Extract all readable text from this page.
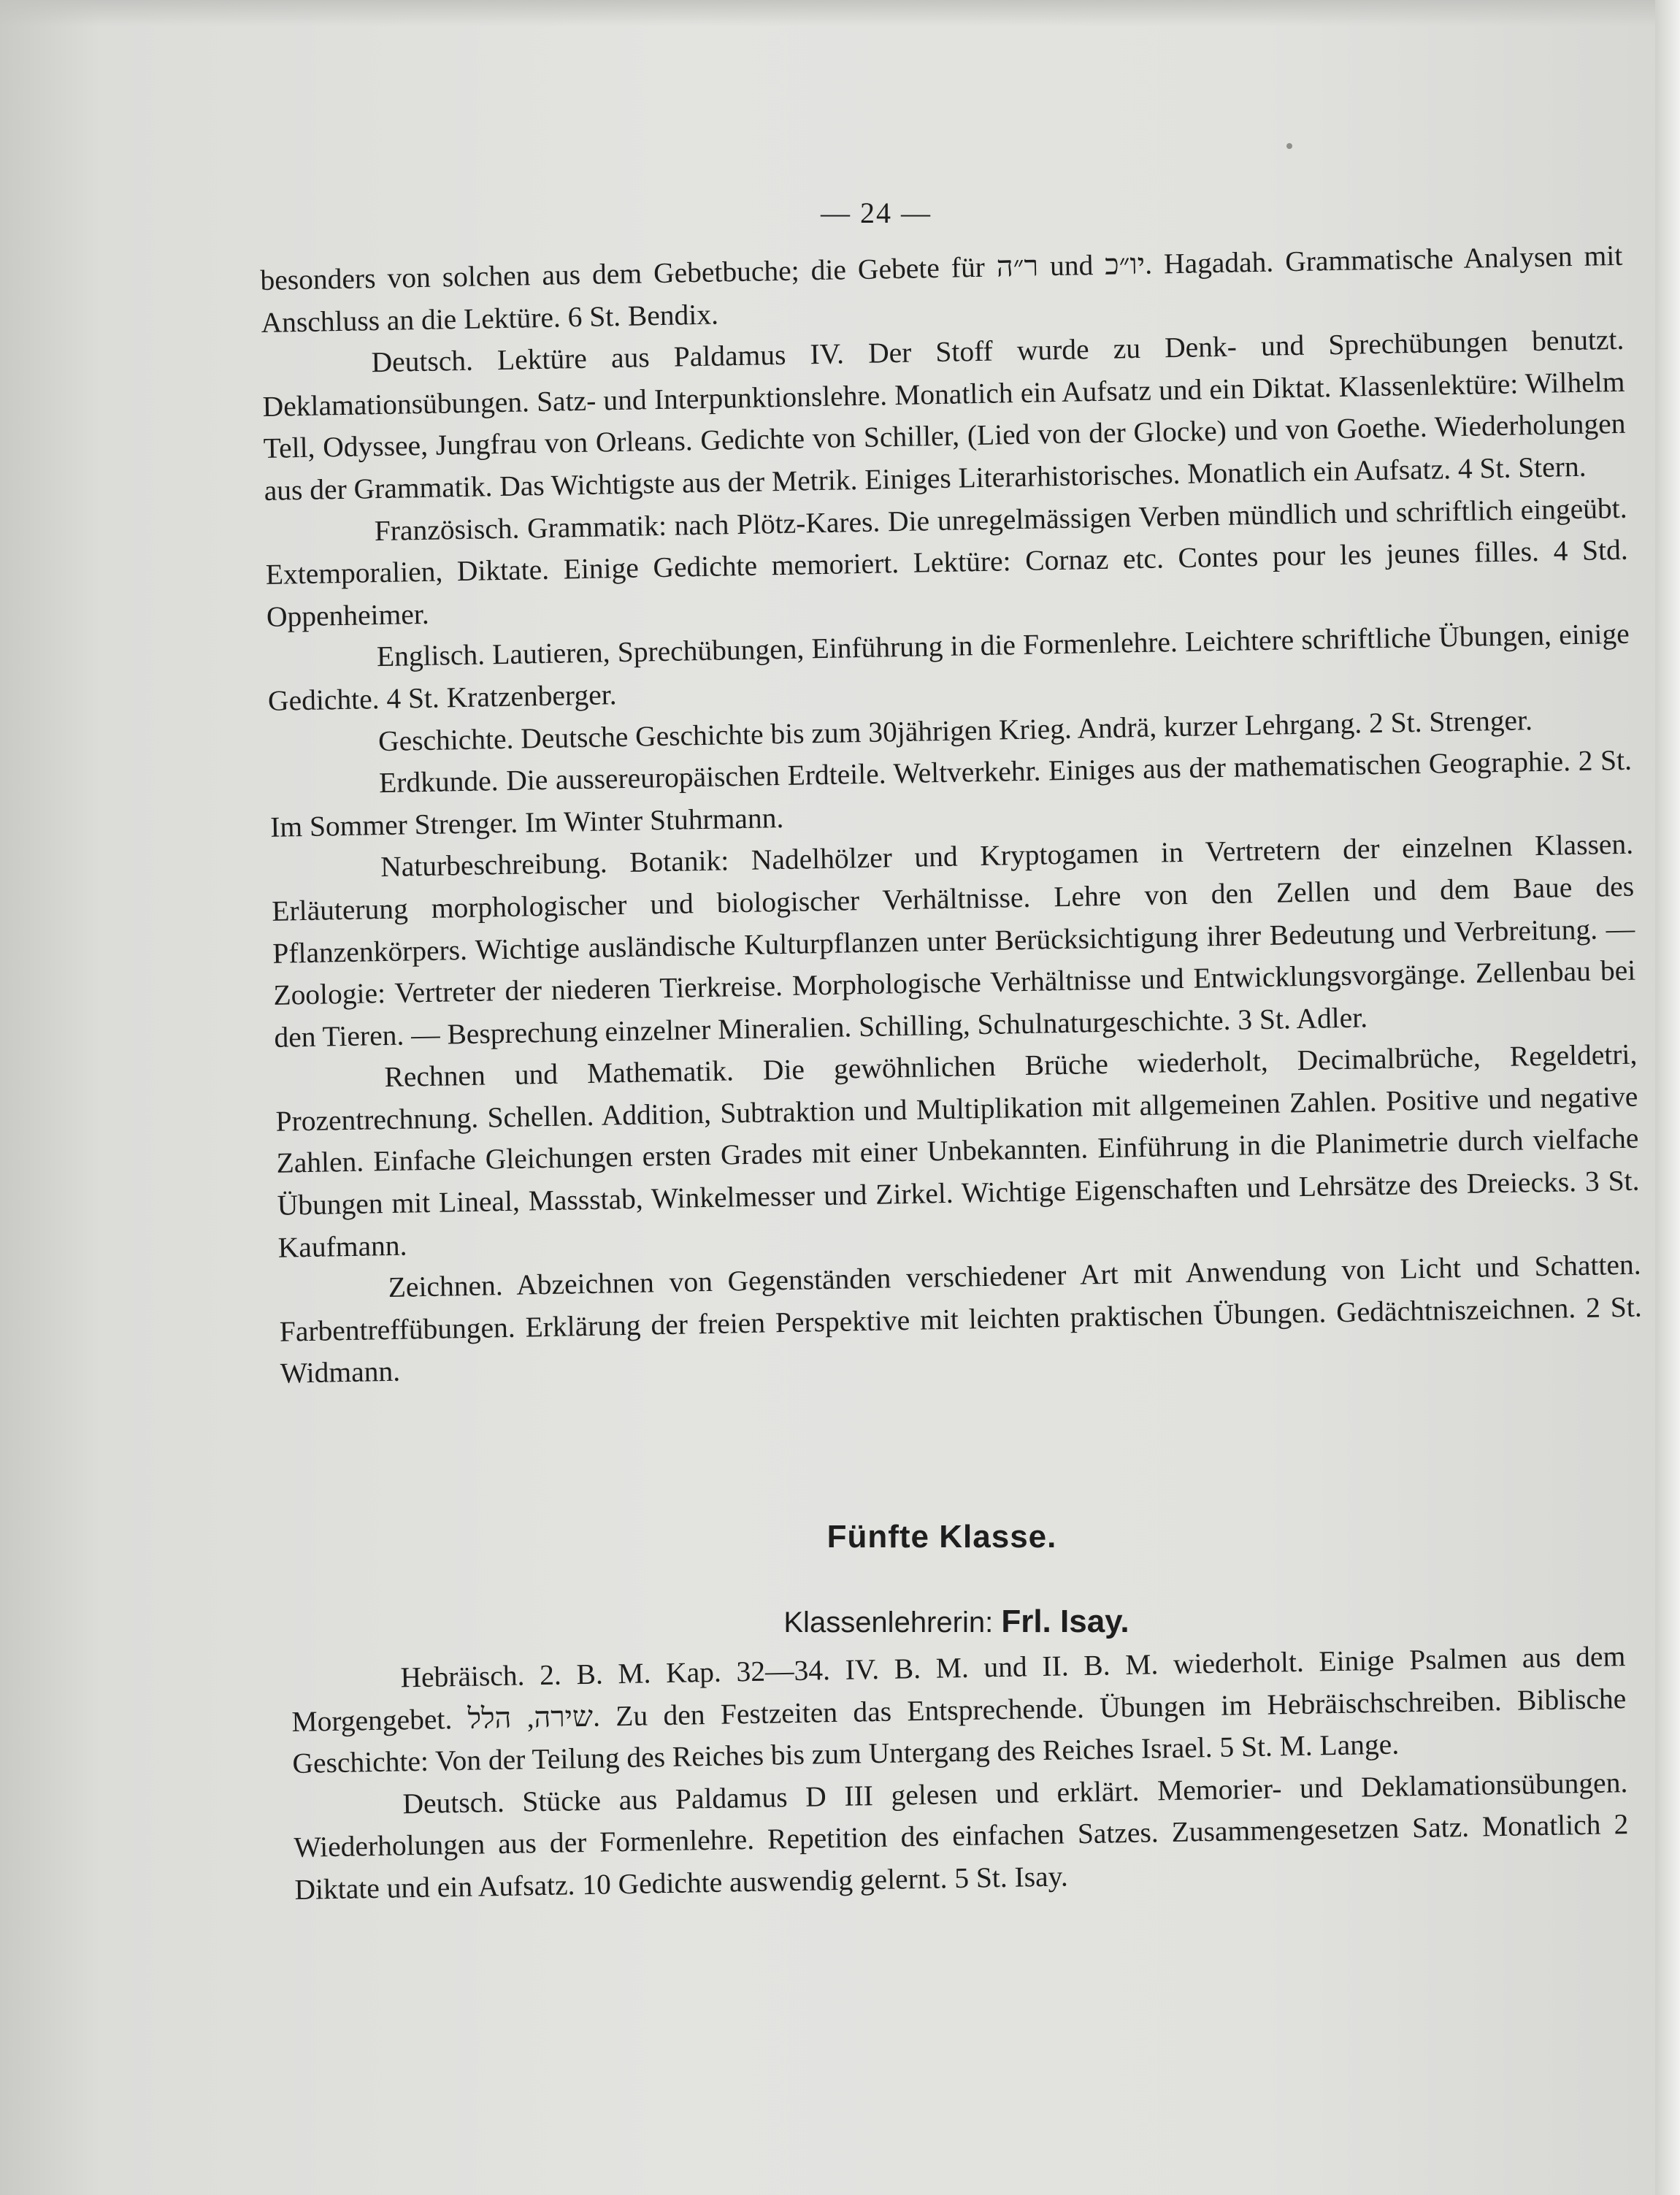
— 24 —

besonders von solchen aus dem Gebetbuche; die Gebete für ר״ה und יו״כ. Hagadah. Grammatische Analysen mit Anschluss an die Lektüre. 6 St. Bendix.

Deutsch. Lektüre aus Paldamus IV. Der Stoff wurde zu Denk- und Sprechübungen benutzt. Deklamationsübungen. Satz- und Interpunktionslehre. Monatlich ein Aufsatz und ein Diktat. Klassenlektüre: Wilhelm Tell, Odyssee, Jungfrau von Orleans. Gedichte von Schiller, (Lied von der Glocke) und von Goethe. Wiederholungen aus der Grammatik. Das Wichtigste aus der Metrik. Einiges Literarhistorisches. Monatlich ein Aufsatz. 4 St. Stern.

Französisch. Grammatik: nach Plötz-Kares. Die unregelmässigen Verben mündlich und schriftlich eingeübt. Extemporalien, Diktate. Einige Gedichte memoriert. Lektüre: Cornaz etc. Contes pour les jeunes filles. 4 Std. Oppenheimer.

Englisch. Lautieren, Sprechübungen, Einführung in die Formenlehre. Leichtere schriftliche Übungen, einige Gedichte. 4 St. Kratzenberger.

Geschichte. Deutsche Geschichte bis zum 30jährigen Krieg. Andrä, kurzer Lehrgang. 2 St. Strenger.

Erdkunde. Die aussereuropäischen Erdteile. Weltverkehr. Einiges aus der mathematischen Geographie. 2 St. Im Sommer Strenger. Im Winter Stuhrmann.

Naturbeschreibung. Botanik: Nadelhölzer und Kryptogamen in Vertretern der einzelnen Klassen. Erläuterung morphologischer und biologischer Verhältnisse. Lehre von den Zellen und dem Baue des Pflanzenkörpers. Wichtige ausländische Kulturpflanzen unter Berücksichtigung ihrer Bedeutung und Verbreitung. — Zoologie: Vertreter der niederen Tierkreise. Morphologische Verhältnisse und Entwicklungsvorgänge. Zellenbau bei den Tieren. — Besprechung einzelner Mineralien. Schilling, Schulnaturgeschichte. 3 St. Adler.

Rechnen und Mathematik. Die gewöhnlichen Brüche wiederholt, Decimalbrüche, Regeldetri, Prozentrechnung. Schellen. Addition, Subtraktion und Multiplikation mit allgemeinen Zahlen. Positive und negative Zahlen. Einfache Gleichungen ersten Grades mit einer Unbekannten. Einführung in die Planimetrie durch vielfache Übungen mit Lineal, Massstab, Winkelmesser und Zirkel. Wichtige Eigenschaften und Lehrsätze des Dreiecks. 3 St. Kaufmann.

Zeichnen. Abzeichnen von Gegenständen verschiedener Art mit Anwendung von Licht und Schatten. Farbentreffübungen. Erklärung der freien Perspektive mit leichten praktischen Übungen. Gedächtniszeichnen. 2 St. Widmann.

Fünfte Klasse.
Klassenlehrerin: Frl. Isay.

Hebräisch. 2. B. M. Kap. 32—34. IV. B. M. und II. B. M. wiederholt. Einige Psalmen aus dem Morgengebet. שירה, הלל. Zu den Festzeiten das Entsprechende. Übungen im Hebräischschreiben. Biblische Geschichte: Von der Teilung des Reiches bis zum Untergang des Reiches Israel. 5 St. M. Lange.

Deutsch. Stücke aus Paldamus D III gelesen und erklärt. Memorier- und Deklamationsübungen. Wiederholungen aus der Formenlehre. Repetition des einfachen Satzes. Zusammengesetzen Satz. Monatlich 2 Diktate und ein Aufsatz. 10 Gedichte auswendig gelernt. 5 St. Isay.
